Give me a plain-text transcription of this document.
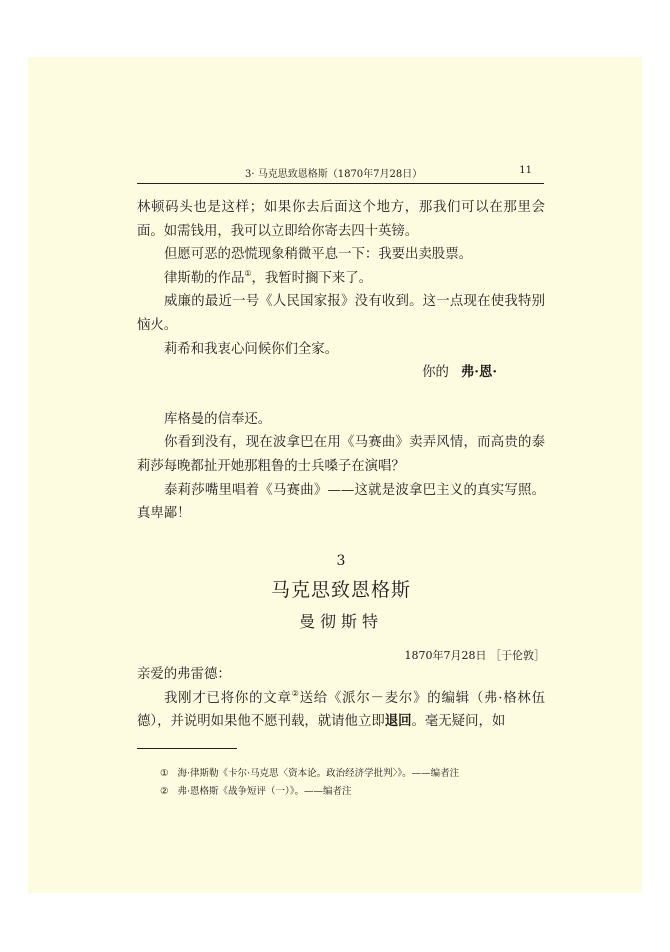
3· 马克思致恩格斯（1870年7月28日）	11

林顿码头也是这样；如果你去后面这个地方，那我们可以在那里会面。如需钱用，我可以立即给你寄去四十英镑。

但愿可恶的恐慌现象稍微平息一下：我要出卖股票。

律斯勒的作品①，我暂时搁下来了。

威廉的最近一号《人民国家报》没有收到。这一点现在使我特别恼火。

莉希和我衷心问候你们全家。

你的 弗·恩·

库格曼的信奉还。

你看到没有，现在波拿巴在用《马赛曲》卖弄风情，而高贵的泰莉莎每晚都扯开她那粗鲁的士兵嗓子在演唱？

泰莉莎嘴里唱着《马赛曲》——这就是波拿巴主义的真实写照。真卑鄙！

3
马克思致恩格斯
曼彻斯特
1870年7月28日 ［于伦敦］

亲爱的弗雷德：

我刚才已将你的文章②送给《派尔－麦尔》的编辑（弗·格林伍德），并说明如果他不愿刊载，就请他立即退回。毫无疑问，如

① 海·律斯勒《卡尔·马克思〈资本论。政治经济学批判〉》。——编者注

② 弗·恩格斯《战争短评（一）》。——编者注
